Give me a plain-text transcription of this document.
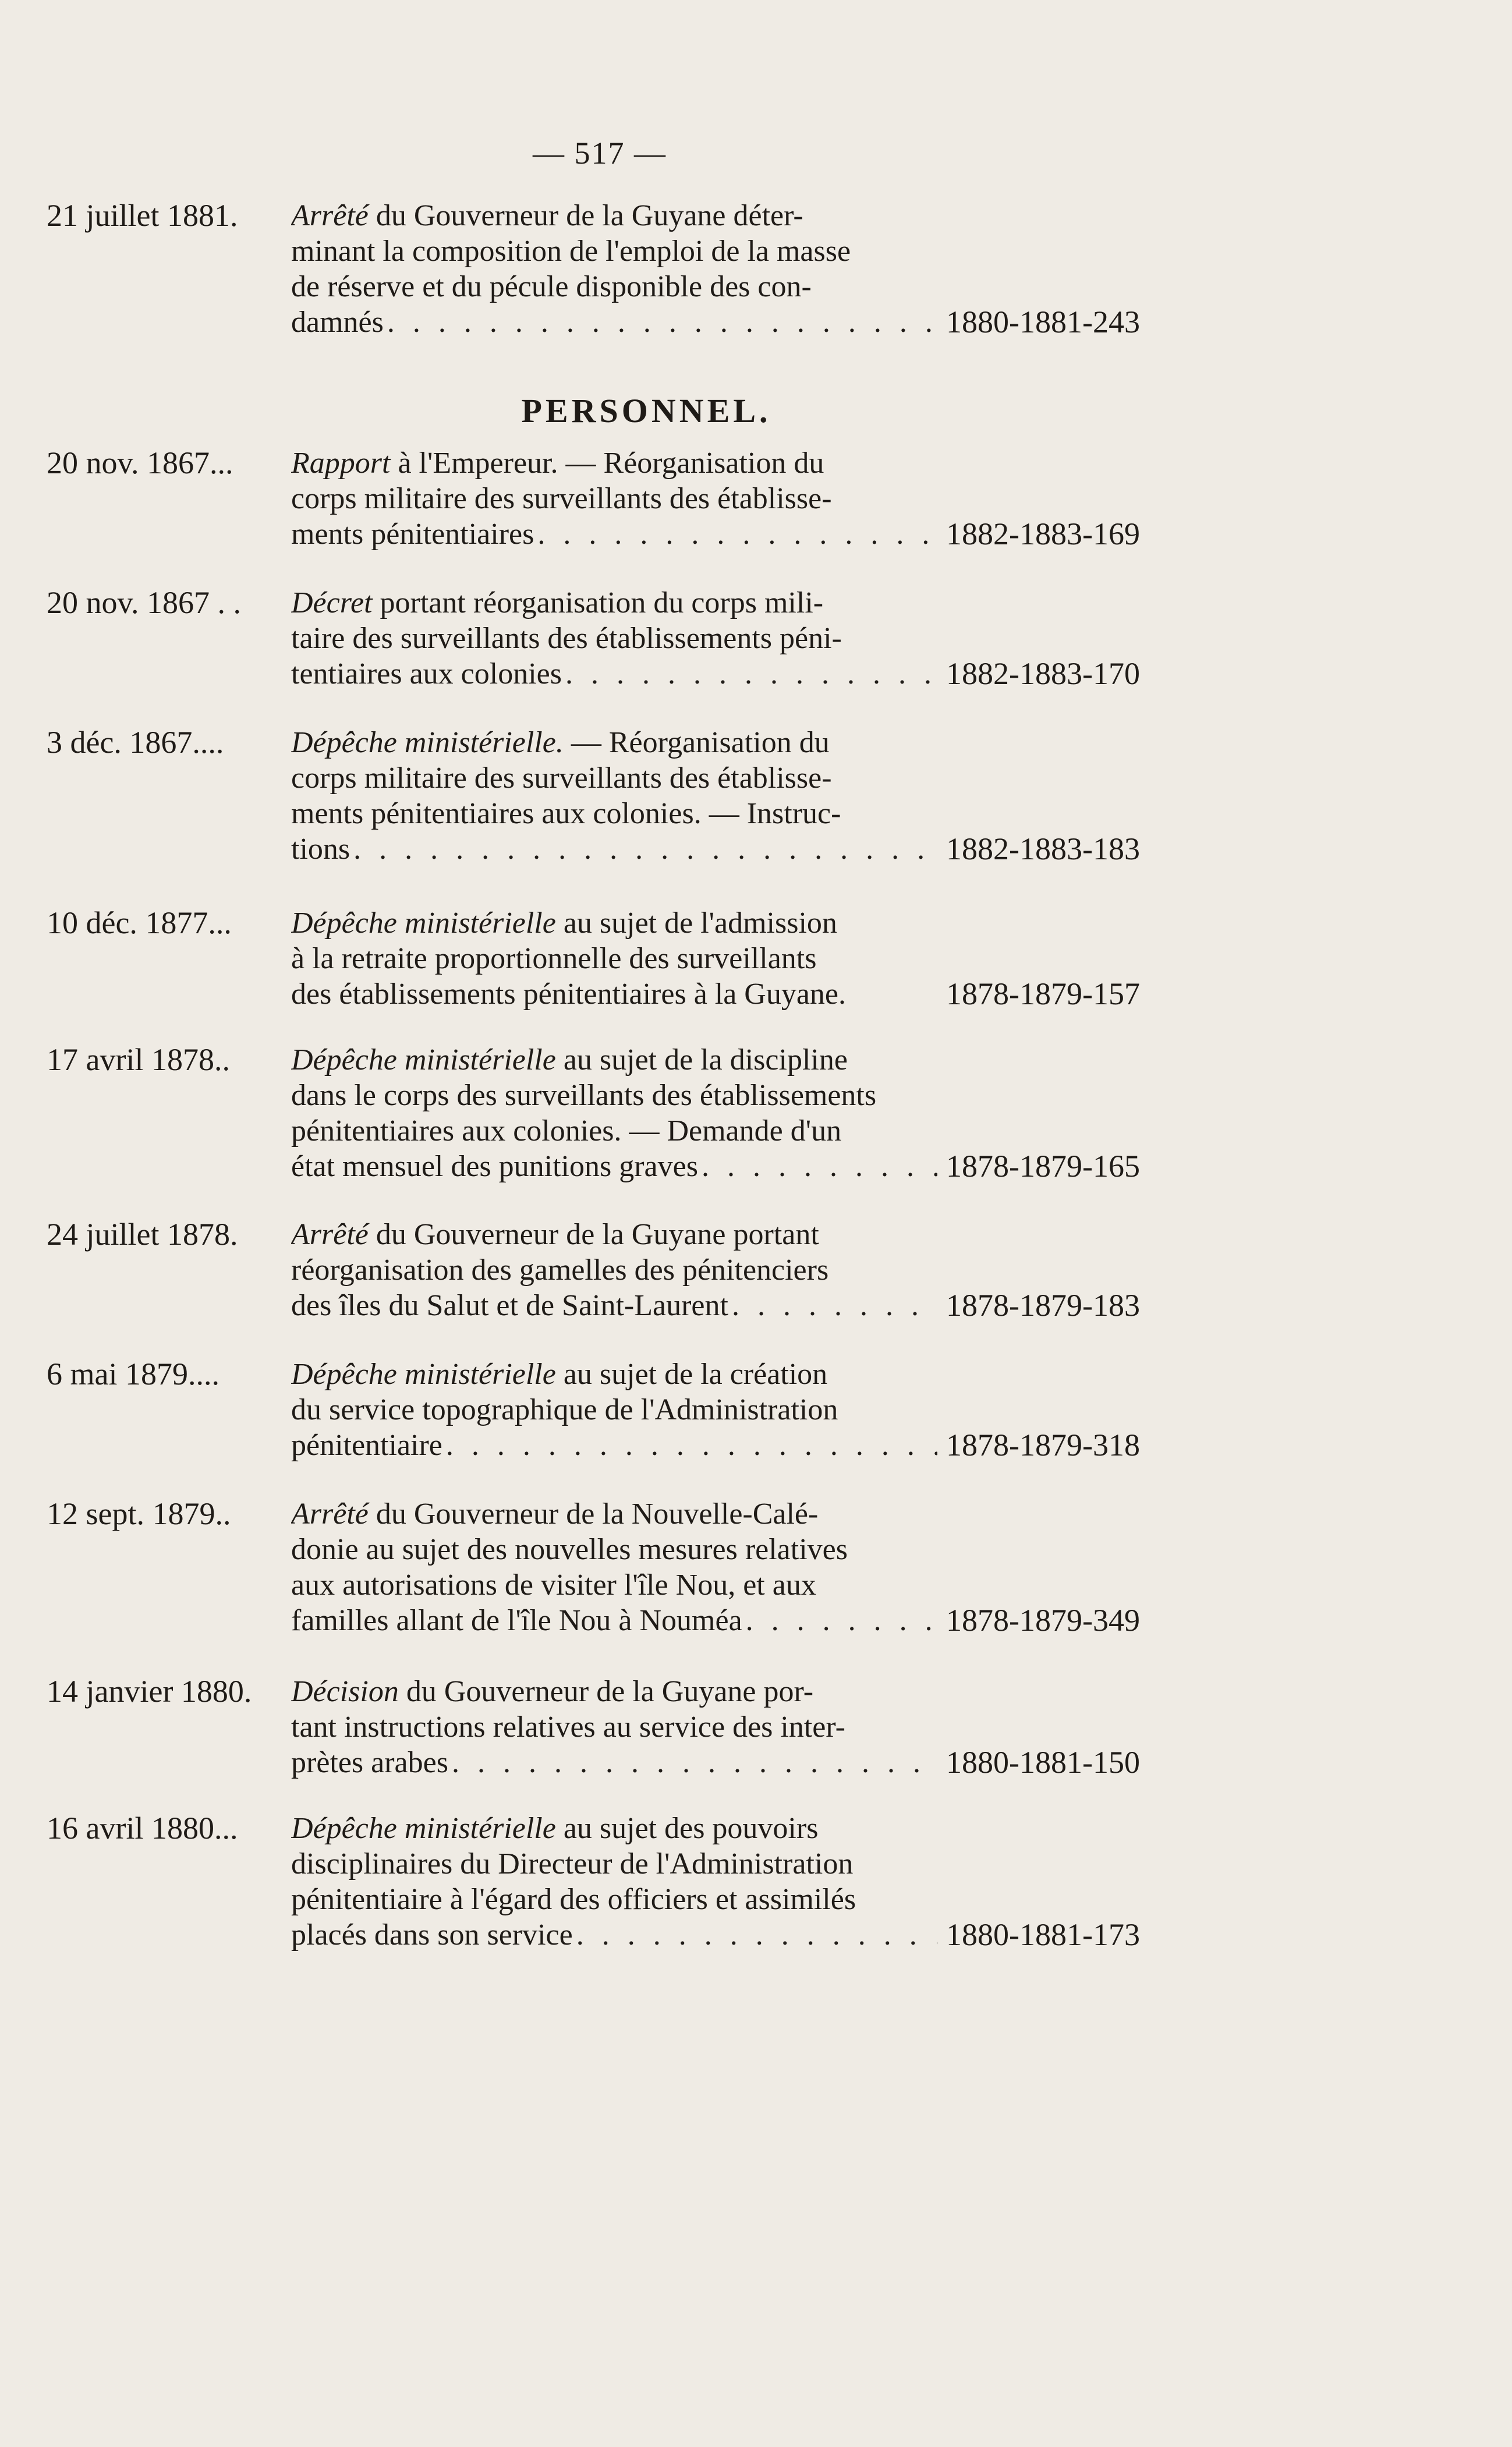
— 517 —
PERSONNEL.
21 juillet 1881.	Arrêté du Gouverneur de la Guyane déter-
minant la composition de l'emploi de la masse
de réserve et du pécule disponible des con-
damnés . . .	1880-1881-243
20 nov. 1867...	Rapport à l'Empereur. — Réorganisation du
corps militaire des surveillants des établisse-
ments pénitentiaires . . .	1882-1883-169
20 nov. 1867 . .	Décret portant réorganisation du corps mili-
taire des surveillants des établissements péni-
tentiaires aux colonies . . .	1882-1883-170
3 déc. 1867....	Dépêche ministérielle. — Réorganisation du
corps militaire des surveillants des établisse-
ments pénitentiaires aux colonies. — Instruc-
tions . . .	1882-1883-183
10 déc. 1877...	Dépêche ministérielle au sujet de l'admission
à la retraite proportionnelle des surveillants
des établissements pénitentiaires à la Guyane.	1878-1879-157
17 avril 1878..	Dépêche ministérielle au sujet de la discipline
dans le corps des surveillants des établissements
pénitentiaires aux colonies. — Demande d'un
état mensuel des punitions graves . . .	1878-1879-165
24 juillet 1878.	Arrêté du Gouverneur de la Guyane portant
réorganisation des gamelles des pénitenciers
des îles du Salut et de Saint-Laurent . . .	1878-1879-183
6 mai 1879....	Dépêche ministérielle au sujet de la création
du service topographique de l'Administration
pénitentiaire . . .	1878-1879-318
12 sept. 1879..	Arrêté du Gouverneur de la Nouvelle-Calé-
donie au sujet des nouvelles mesures relatives
aux autorisations de visiter l'île Nou, et aux
familles allant de l'île Nou à Nouméa . . .	1878-1879-349
14 janvier 1880.	Décision du Gouverneur de la Guyane por-
tant instructions relatives au service des inter-
prètes arabes . . .	1880-1881-150
16 avril 1880...	Dépêche ministérielle au sujet des pouvoirs
disciplinaires du Directeur de l'Administration
pénitentiaire à l'égard des officiers et assimilés
placés dans son service . . .	1880-1881-173
